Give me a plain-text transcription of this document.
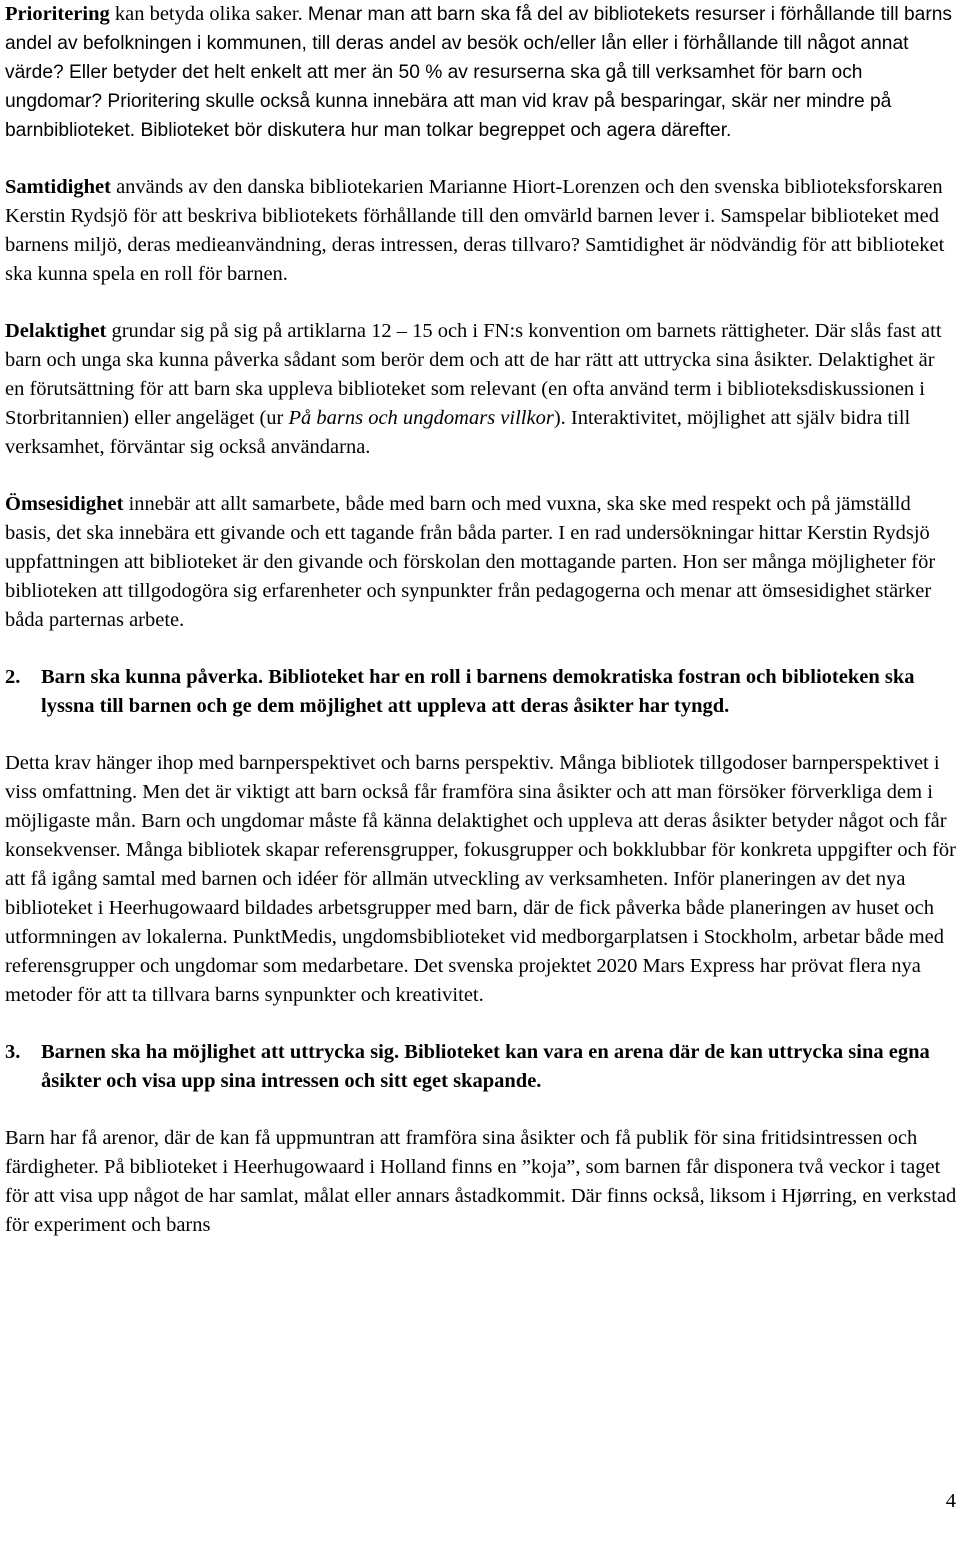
Prioritering kan betyda olika saker. Menar man att barn ska få del av bibliotekets resurser i förhållande till barns andel av befolkningen i kommunen, till deras andel av besök och/eller lån eller i förhållande till något annat värde? Eller betyder det helt enkelt att mer än 50 % av resurserna ska gå till verksamhet för barn och ungdomar? Prioritering skulle också kunna innebära att man vid krav på besparingar, skär ner mindre på barnbiblioteket. Biblioteket bör diskutera hur man tolkar begreppet och agera därefter.

Samtidighet används av den danska bibliotekarien Marianne Hiort-Lorenzen och den svenska biblioteksforskaren Kerstin Rydsjö för att beskriva bibliotekets förhållande till den omvärld barnen lever i. Samspelar biblioteket med barnens miljö, deras medieanvändning, deras intressen, deras tillvaro? Samtidighet är nödvändig för att biblioteket ska kunna spela en roll för barnen.

Delaktighet grundar sig på sig på artiklarna 12 – 15 och i FN:s konvention om barnets rättigheter. Där slås fast att barn och unga ska kunna påverka sådant som berör dem och att de har rätt att uttrycka sina åsikter. Delaktighet är en förutsättning för att barn ska uppleva biblioteket som relevant (en ofta använd term i biblioteksdiskussionen i Storbritannien) eller angeläget (ur På barns och ungdomars villkor). Interaktivitet, möjlighet att själv bidra till verksamhet, förväntar sig också användarna.

Ömsesidighet innebär att allt samarbete, både med barn och med vuxna, ska ske med respekt och på jämställd basis, det ska innebära ett givande och ett tagande från båda parter. I en rad undersökningar hittar Kerstin Rydsjö uppfattningen att biblioteket är den givande och förskolan den mottagande parten. Hon ser många möjligheter för biblioteken att tillgodogöra sig erfarenheter och synpunkter från pedagogerna och menar att ömsesidighet stärker båda parternas arbete.

2.	Barn ska kunna påverka. Biblioteket har en roll i barnens demokratiska fostran och biblioteken ska lyssna till barnen och ge dem möjlighet att uppleva att deras åsikter har tyngd.

Detta krav hänger ihop med barnperspektivet och barns perspektiv. Många bibliotek tillgodoser barnperspektivet i viss omfattning. Men det är viktigt att barn också får framföra sina åsikter och att man försöker förverkliga dem i möjligaste mån. Barn och ungdomar måste få känna delaktighet och uppleva att deras åsikter betyder något och får konsekvenser. Många bibliotek skapar referensgrupper, fokusgrupper och bokklubbar för konkreta uppgifter och för att få igång samtal med barnen och idéer för allmän utveckling av verksamheten. Inför planeringen av det nya biblioteket i Heerhugowaard bildades arbetsgrupper med barn, där de fick påverka både planeringen av huset och utformningen av lokalerna. PunktMedis, ungdomsbiblioteket vid medborgarplatsen i Stockholm, arbetar både med referensgrupper och ungdomar som medarbetare. Det svenska projektet 2020 Mars Express har prövat flera nya metoder för att ta tillvara barns synpunkter och kreativitet.

3.	Barnen ska ha möjlighet att uttrycka sig. Biblioteket kan vara en arena där de kan uttrycka sina egna åsikter och visa upp sina intressen och sitt eget skapande.

Barn har få arenor, där de kan få uppmuntran att framföra sina åsikter och få publik för sina fritidsintressen och färdigheter. På biblioteket i Heerhugowaard i Holland finns en ”koja”, som barnen får disponera två veckor i taget för att visa upp något de har samlat, målat eller annars åstadkommit. Där finns också, liksom i Hjørring, en verkstad för experiment och barns

4
